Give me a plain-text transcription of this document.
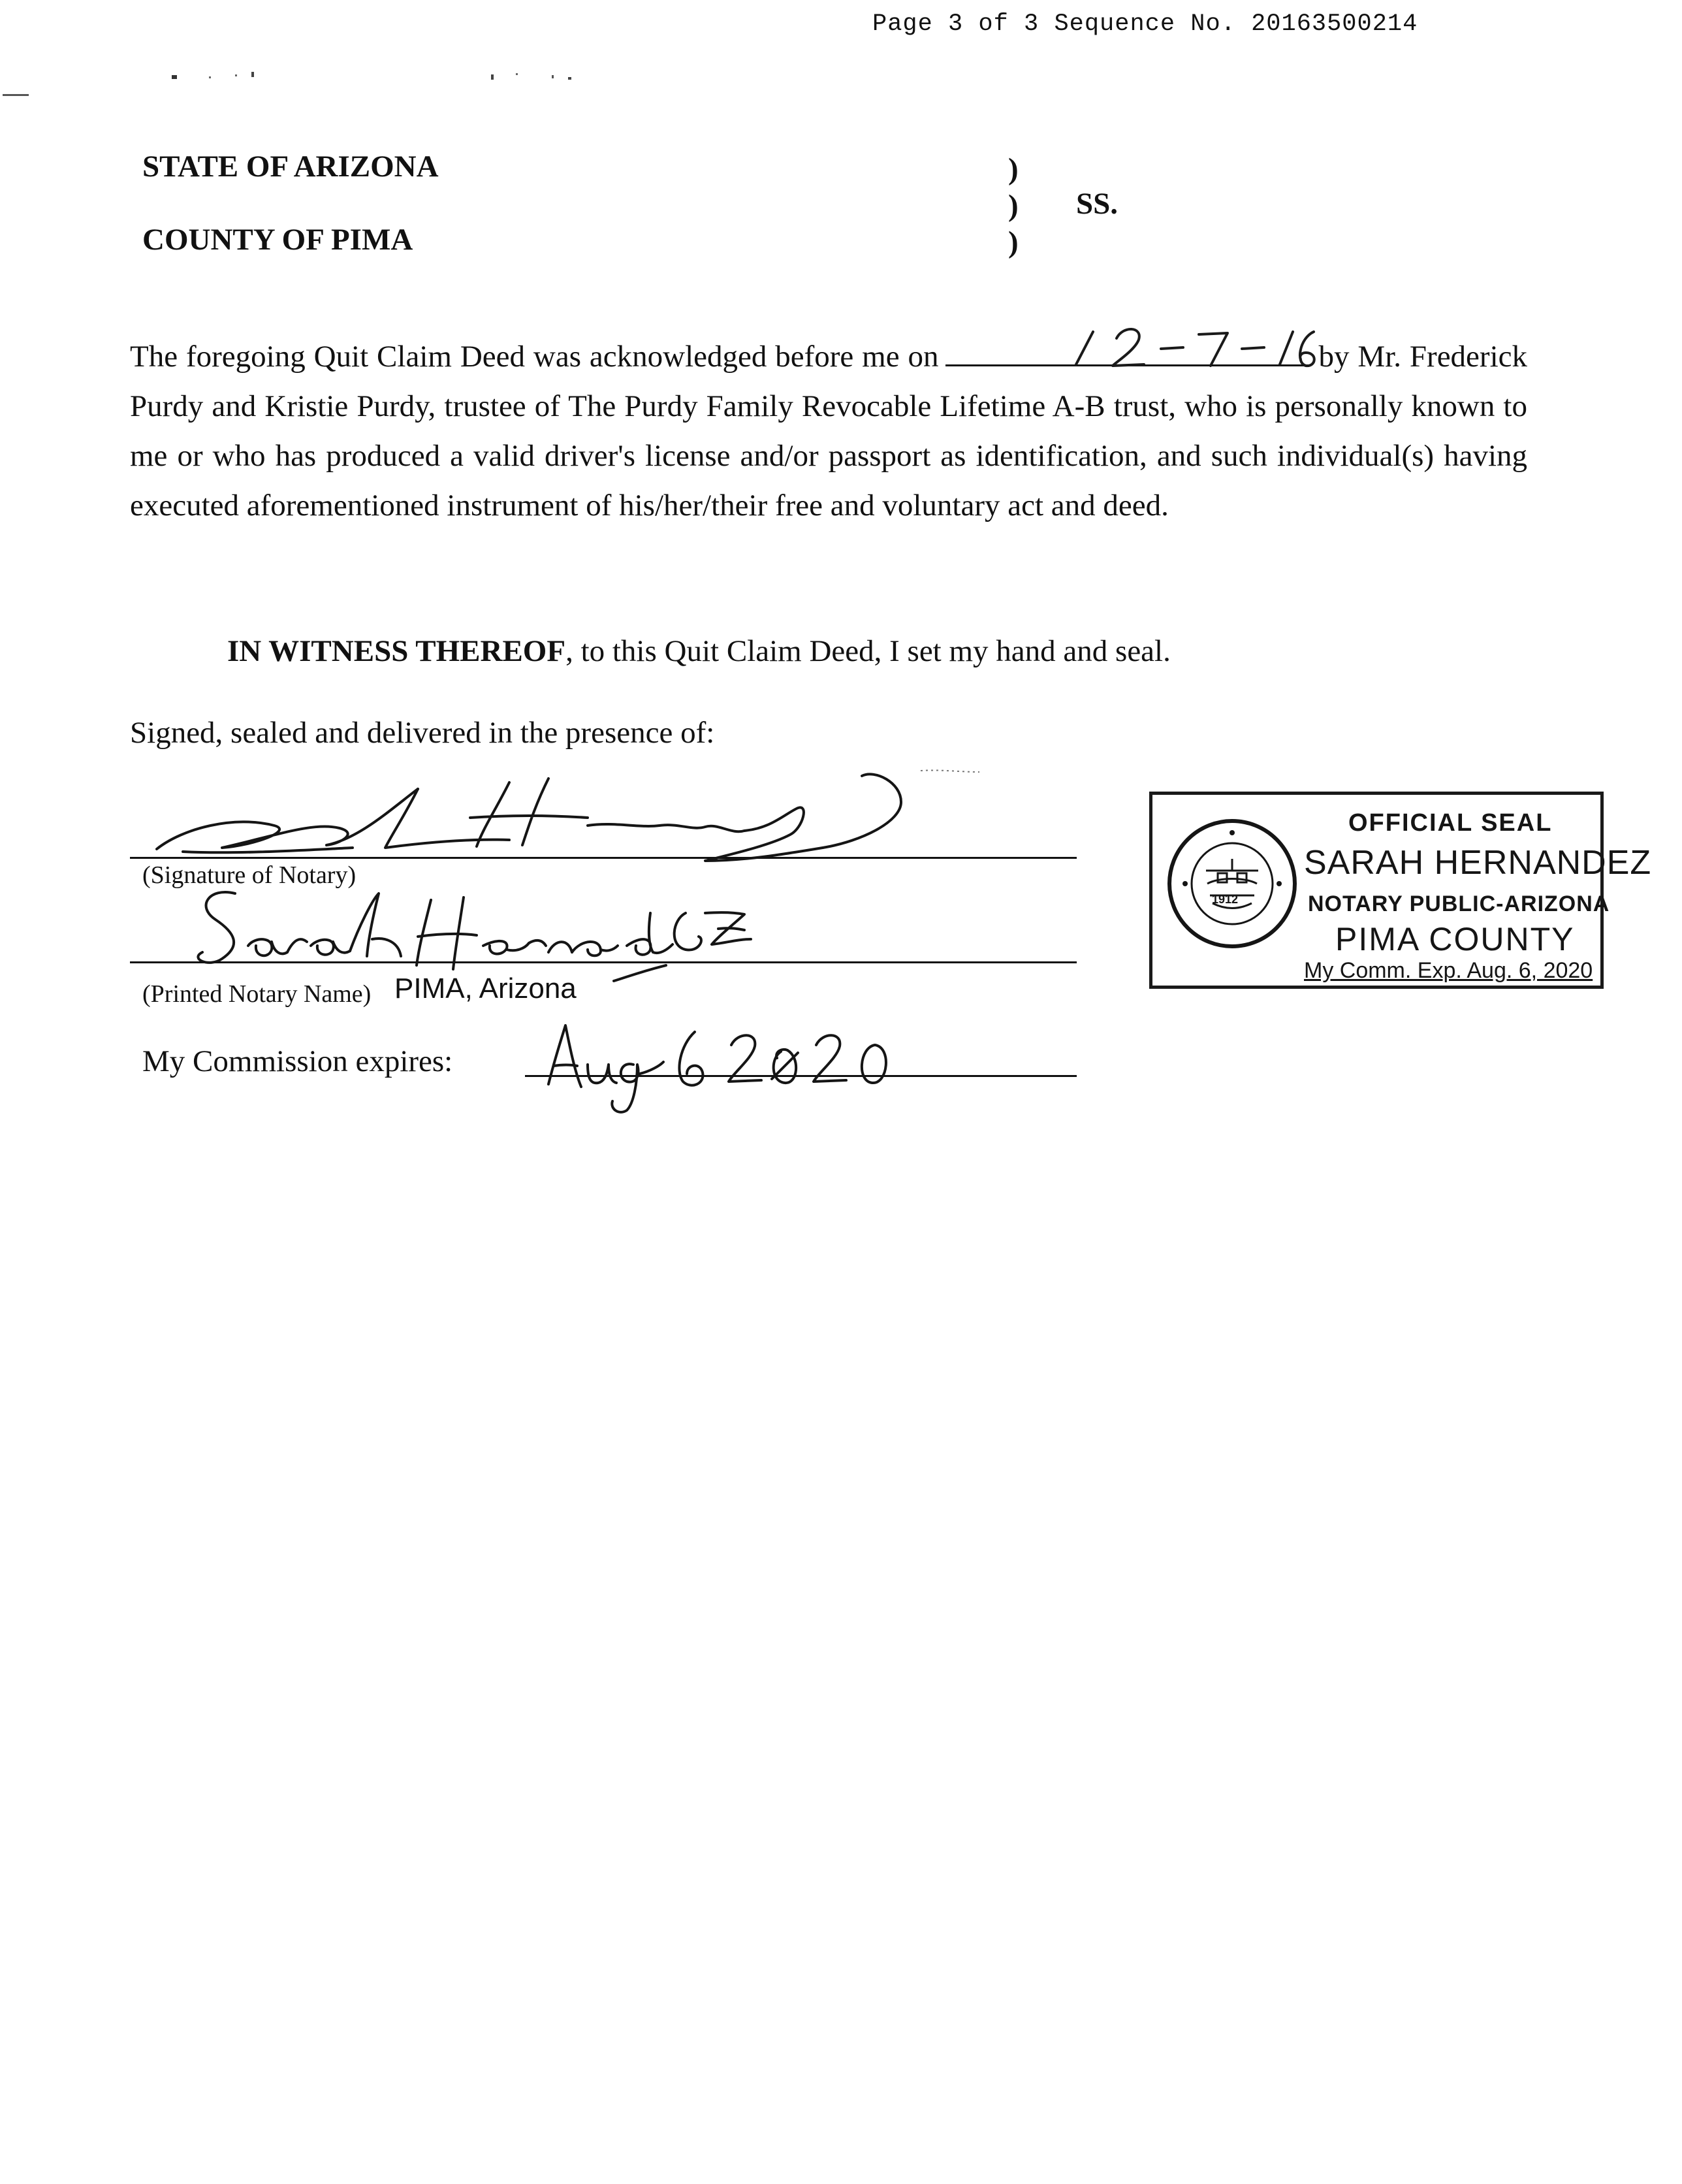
Page 3 of 3 Sequence No. 20163500214
STATE OF ARIZONA
COUNTY OF PIMA
)
)
)
SS.

The foregoing Quit Claim Deed was acknowledged before me on	by Mr. Frederick Purdy and Kristie Purdy, trustee of The Purdy Family Revocable Lifetime A-B trust, who is personally known to me or who has produced a valid driver's license and/or passport as identification, and such individual(s) having executed aforementioned instrument of his/her/their free and voluntary act and deed.

IN WITNESS THEREOF, to this Quit Claim Deed, I set my hand and seal.
Signed, sealed and delivered in the presence of:
(Signature of Notary)
(Printed Notary Name) PIMA, Arizona
My Commission expires:
1912
OFFICIAL SEAL
SARAH HERNANDEZ
NOTARY PUBLIC-ARIZONA
PIMA COUNTY
My Comm. Exp. Aug. 6, 2020
